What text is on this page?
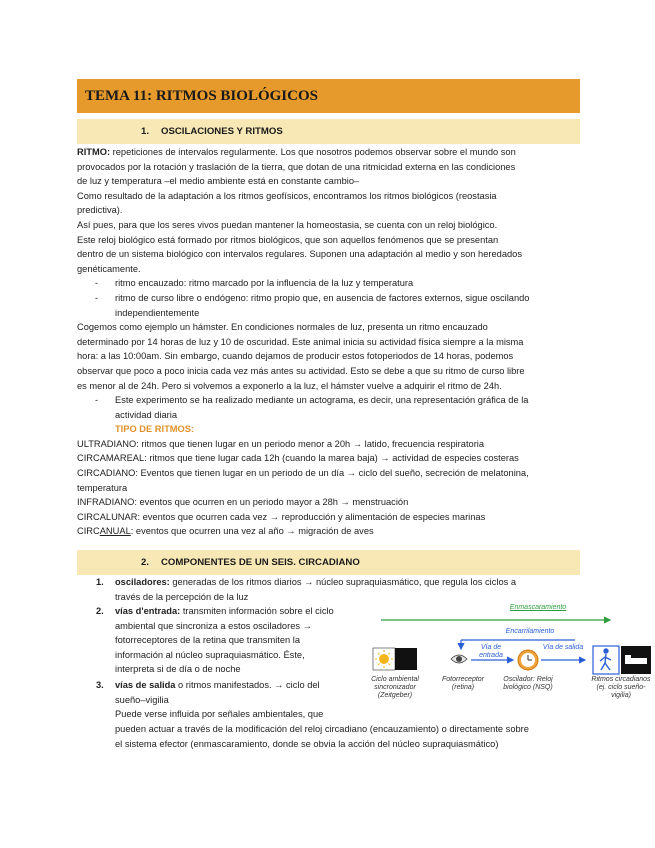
TEMA 11: RITMOS BIOLÓGICOS
1. OSCILACIONES Y RITMOS

RITMO: repeticiones de intervalos regularmente. Los que nosotros podemos observar sobre el mundo son

provocados por la rotación y traslación de la tierra, que dotan de una ritmicidad externa en las condiciones

de luz y temperatura –el medio ambiente está en constante cambio–

Como resultado de la adaptación a los ritmos geofísicos, encontramos los ritmos biológicos (reostasia

predictiva).

Así pues, para que los seres vivos puedan mantener la homeostasia, se cuenta con un reloj biológico.

Este reloj biológico está formado por ritmos biológicos, que son aquellos fenómenos que se presentan

dentro de un sistema biológico con intervalos regulares. Suponen una adaptación al medio y son heredados

genéticamente.

- ritmo encauzado: ritmo marcado por la influencia de la luz y temperatura
- ritmo de curso libre o endógeno: ritmo propio que, en ausencia de factores externos, sigue oscilando
independientemente

Cogemos como ejemplo un hámster. En condiciones normales de luz, presenta un ritmo encauzado

determinado por 14 horas de luz y 10 de oscuridad. Este animal inicia su actividad física siempre a la misma

hora: a las 10:00am. Sin embargo, cuando dejamos de producir estos fotoperiodos de 14 horas, podemos

observar que poco a poco inicia cada vez más antes su actividad. Esto se debe a que su ritmo de curso libre

es menor al de 24h. Pero si volvemos a exponerlo a la luz, el hámster vuelve a adquirir el ritmo de 24h.

- Este experimento se ha realizado mediante un actograma, es decir, una representación gráfica de la
actividad diaria

TIPO DE RITMOS:

ULTRADIANO: ritmos que tienen lugar en un periodo menor a 20h → latido, frecuencia respiratoria

CIRCAMAREAL: ritmos que tiene lugar cada 12h (cuando la marea baja) → actividad de especies costeras

CIRCADIANO: Eventos que tienen lugar en un periodo de un día → ciclo del sueño, secreción de melatonina,

temperatura

INFRADIANO: eventos que ocurren en un periodo mayor a 28h → menstruación

CIRCALUNAR: eventos que ocurren cada vez → reproducción y alimentación de especies marinas

CIRCANUAL: eventos que ocurren una vez al año → migración de aves

2. COMPONENTES DE UN SEIS. CIRCADIANO
1. osciladores: generadas de los ritmos diarios → núcleo supraquiasmático, que regula los ciclos a
través de la percepción de la luz
2. vías d'entrada: transmiten información sobre el ciclo
ambiental que sincroniza a estos osciladores →
fotorreceptores de la retina que transmiten la
información al núcleo supraquiasmático. Éste,
interpreta si de día o de noche
3. vías de salida o ritmos manifestados. → ciclo del
sueño–vigilia
Puede verse influida por señales ambientales, que

pueden actuar a través de la modificación del reloj circadiano (encauzamiento) o directamente sobre

el sistema efector (enmascaramiento, donde se obvia la acción del núcleo supraquiasmático)

Enmascaramiento
Encarrilamiento
Vía de entrada
Vía de salida
Ciclo ambiental
sincronizador
(Zeitgeber)
Fotorreceptor
(retina)
Oscilador: Reloj
biológico (NSQ)
Ritmos circadianos
(ej. ciclo sueño-vigilia)
